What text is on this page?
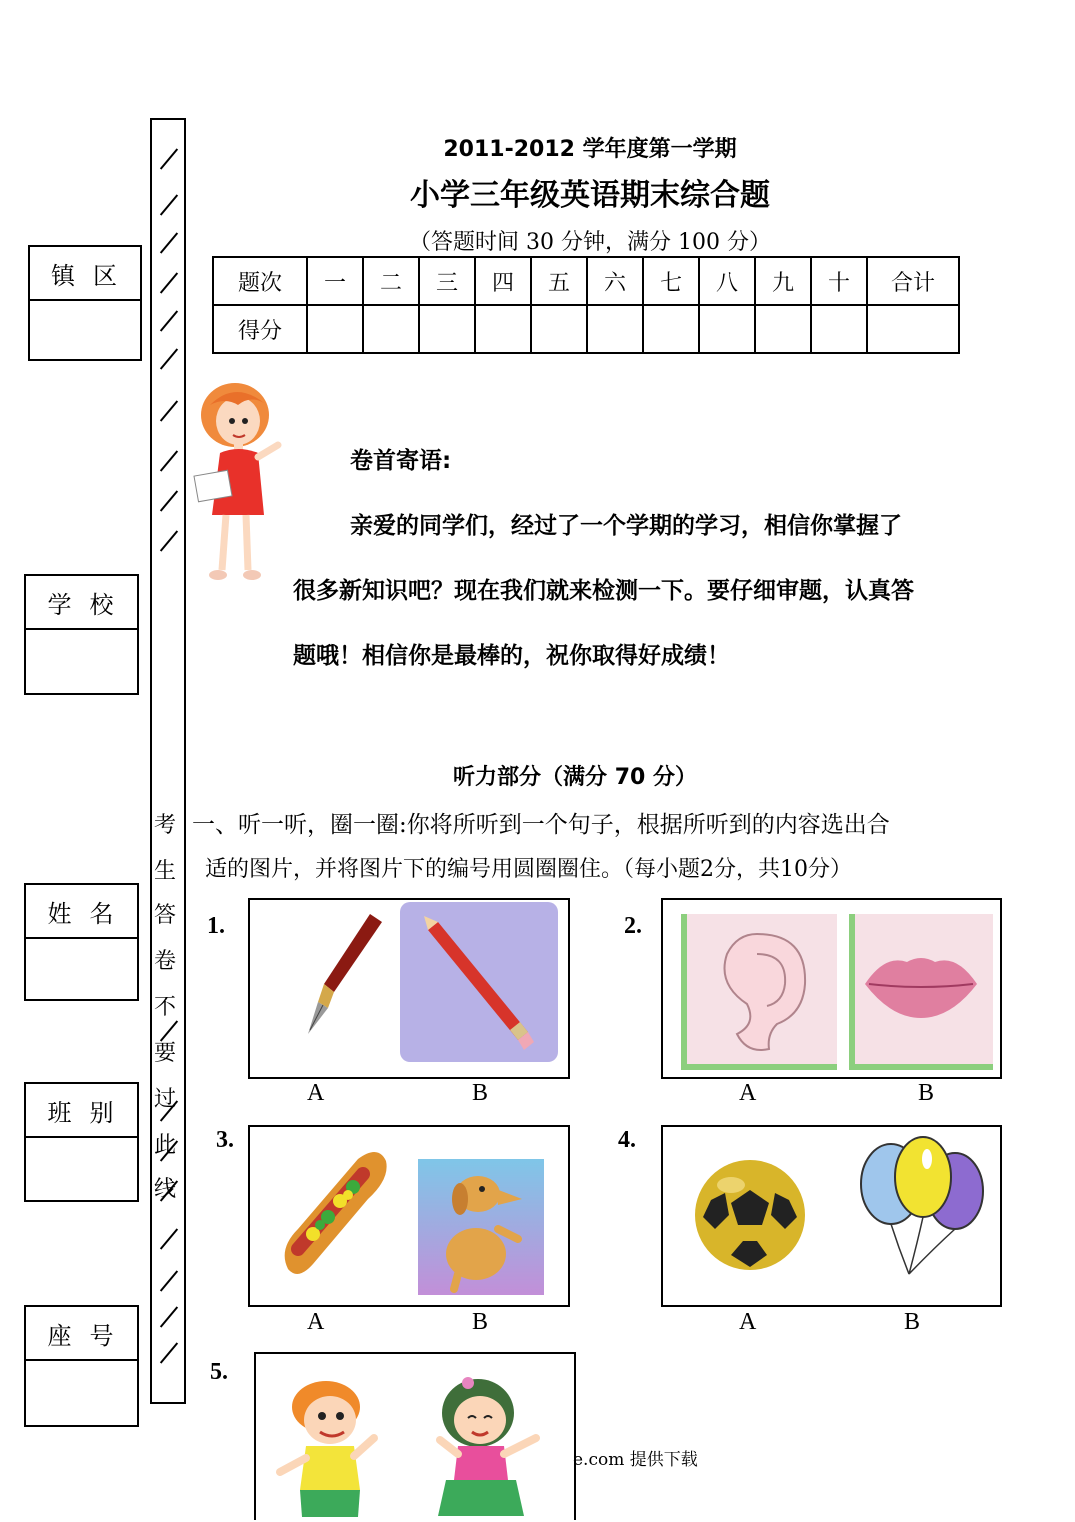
镇区
学校
姓名
班别
座号
考
生
答
卷
不
要
过
此
线
2011-2012 学年度第一学期
小学三年级英语期末综合题
（答题时间 30 分钟，满分 100 分）
题次	一	二	三	四	五	六	七	八	九	十	合计
得分											
卷首寄语:
亲爱的同学们，经过了一个学期的学习，相信你掌握了
很多新知识吧？现在我们就来检测一下。要仔细审题，认真答
题哦！相信你是最棒的，祝你取得好成绩！
听力部分（满分 70 分）
一、听一听，圈一圈:你将所听到一个句子，根据所听到的内容选出合
适的图片，并将图片下的编号用圆圈圈住。（每小题2分，共10分）
1.
A	B
2.
A	B
3.
A	B
4.
A	B
5.
e.com 提供下载
